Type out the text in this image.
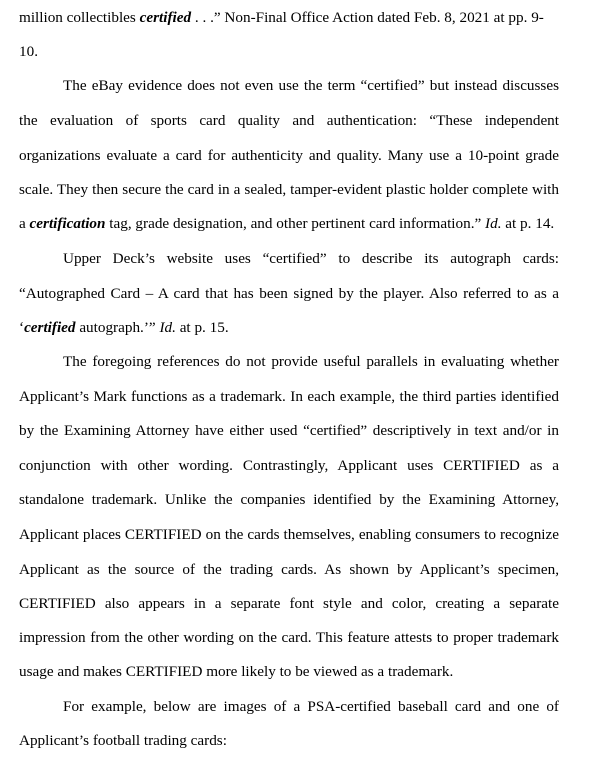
million collectibles certified . . .” Non-Final Office Action dated Feb. 8, 2021 at pp. 9-
10.
The eBay evidence does not even use the term “certified” but instead discusses
the evaluation of sports card quality and authentication: “These independent
organizations evaluate a card for authenticity and quality. Many use a 10-point grade
scale. They then secure the card in a sealed, tamper-evident plastic holder complete with
a certification tag, grade designation, and other pertinent card information.” Id. at p. 14.
Upper Deck’s website uses “certified” to describe its autograph cards:
“Autographed Card – A card that has been signed by the player. Also referred to as a
‘certified autograph.’” Id. at p. 15.
The foregoing references do not provide useful parallels in evaluating whether
Applicant’s Mark functions as a trademark. In each example, the third parties identified
by the Examining Attorney have either used “certified” descriptively in text and/or in
conjunction with other wording. Contrastingly, Applicant uses CERTIFIED as a
standalone trademark. Unlike the companies identified by the Examining Attorney,
Applicant places CERTIFIED on the cards themselves, enabling consumers to recognize
Applicant as the source of the trading cards. As shown by Applicant’s specimen,
CERTIFIED also appears in a separate font style and color, creating a separate
impression from the other wording on the card. This feature attests to proper trademark
usage and makes CERTIFIED more likely to be viewed as a trademark.
For example, below are images of a PSA-certified baseball card and one of
Applicant’s football trading cards:
